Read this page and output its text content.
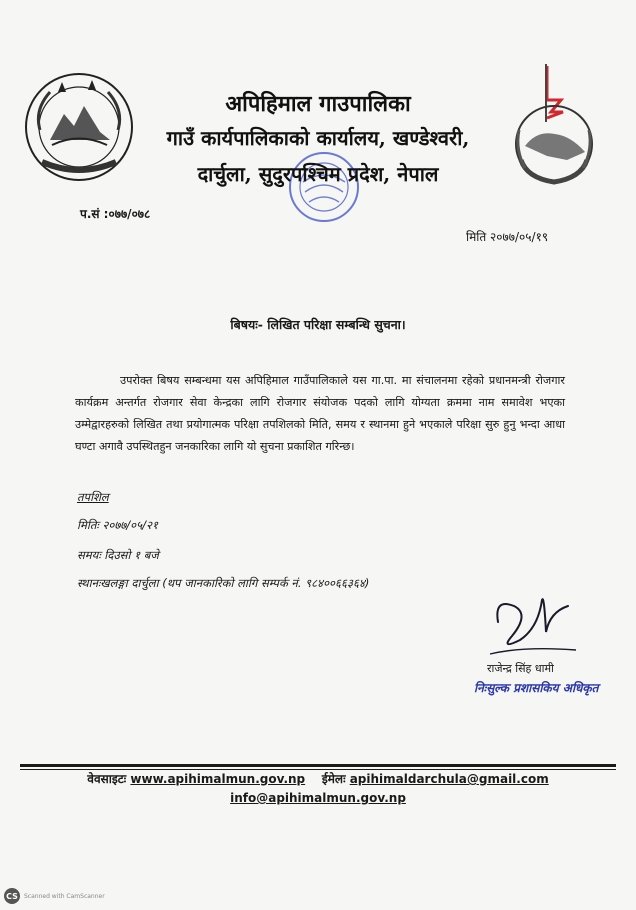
अपिहिमाल गाउपालिका
गाउँ कार्यपालिकाको कार्यालय, खण्डेश्वरी,
दार्चुला, सुदुरपश्चिम प्रदेश, नेपाल
प.सं :०७७/०७८
मिति २०७७/०५/१९
बिषयः- लिखित परिक्षा सम्बन्धि सुचना।
उपरोक्त बिषय सम्बन्धमा यस अपिहिमाल गाउँपालिकाले यस गा.पा. मा संचालनमा रहेको प्रधानमन्त्री रोजगार कार्यक्रम अन्तर्गत रोजगार सेवा केन्द्रका लागि रोजगार संयोजक पदको लागि योग्यता क्रममा नाम समावेश भएका उम्मेद्वारहरुको लिखित तथा प्रयोगात्मक परिक्षा तपशिलको मिति, समय र स्थानमा हुने भएकाले परिक्षा सुरु हुनु भन्दा आधा घण्टा अगावै उपस्थितहुन जनकारिका लागि यो सुचना प्रकाशित गरिन्छ।
तपशिल
मितिः २०७७/०५/२१
समयः दिउसो १ बजे
स्थानःखलङ्गा दार्चुला (थप जानकारिको लागि सम्पर्क नं. ९८४००६६३६४)
राजेन्द्र सिंह धामी
निःसुल्क प्रशासकिय अधिकृत
वेवसाइटः www.apihimalmun.gov.np ईमेलः apihimaldarchula@gmail.com
info@apihimalmun.gov.np
CS	Scanned with CamScanner
